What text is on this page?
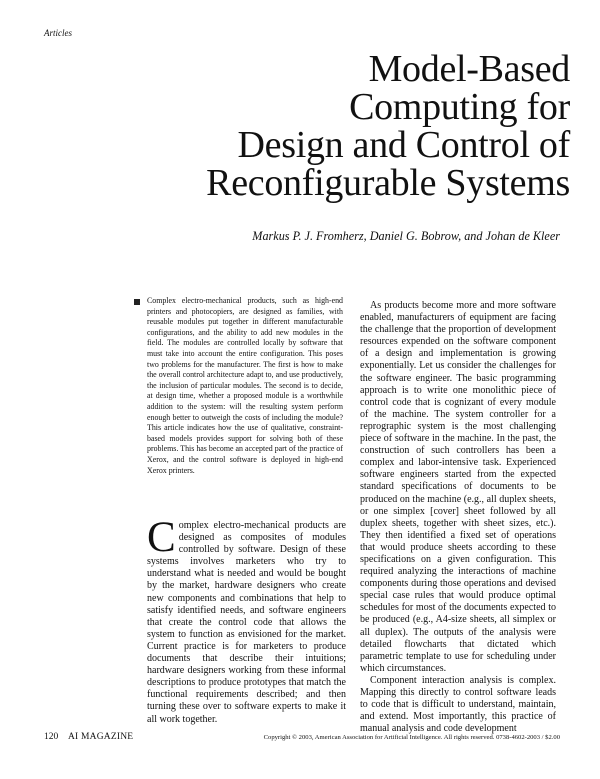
Articles
Model-Based
Computing for
Design and Control of
Reconfigurable Systems
Markus P. J. Fromherz, Daniel G. Bobrow, and Johan de Kleer

Complex electro-mechanical products, such as high-end printers and photocopiers, are designed as families, with reusable modules put together in different manufacturable configurations, and the ability to add new modules in the field. The modules are controlled locally by software that must take into account the entire configuration. This poses two problems for the manufacturer. The first is how to make the overall control architecture adapt to, and use productively, the inclusion of particular modules. The second is to decide, at design time, whether a proposed module is a worthwhile addition to the system: will the resulting system perform enough better to outweigh the costs of including the module? This article indicates how the use of qualitative, constraint-based models provides support for solving both of these problems. This has become an accepted part of the practice of Xerox, and the control software is deployed in high-end Xerox printers.

Complex electro-mechanical products are designed as composites of modules controlled by software. Design of these systems involves marketers who try to understand what is needed and would be bought by the market, hardware designers who create new components and combinations that help to satisfy identified needs, and software engineers that create the control code that allows the system to function as envisioned for the market. Current practice is for marketers to produce documents that describe their intuitions; hardware designers working from these informal descriptions to produce prototypes that match the functional requirements described; and then turning these over to software experts to make it all work together.

As products become more and more software enabled, manufacturers of equipment are facing the challenge that the proportion of development resources expended on the software component of a design and implementation is growing exponentially. Let us consider the challenges for the software engineer. The basic programming approach is to write one monolithic piece of control code that is cognizant of every module of the machine. The system controller for a reprographic system is the most challenging piece of software in the machine. In the past, the construction of such controllers has been a complex and labor-intensive task. Experienced software engineers started from the expected standard specifications of documents to be produced on the machine (e.g., all duplex sheets, or one simplex [cover] sheet followed by all duplex sheets, together with sheet sizes, etc.). They then identified a fixed set of operations that would produce sheets according to these specifications on a given configuration. This required analyzing the interactions of machine components during those operations and devised special case rules that would produce optimal schedules for most of the documents expected to be produced (e.g., A4-size sheets, all simplex or all duplex). The outputs of the analysis were detailed flowcharts that dictated which parametric template to use for scheduling under which circumstances.

Component interaction analysis is complex. Mapping this directly to control software leads to code that is difficult to understand, maintain, and extend. Most importantly, this practice of manual analysis and code development

120 AI MAGAZINE	Copyright © 2003, American Association for Artificial Intelligence. All rights reserved. 0738-4602-2003 / $2.00
